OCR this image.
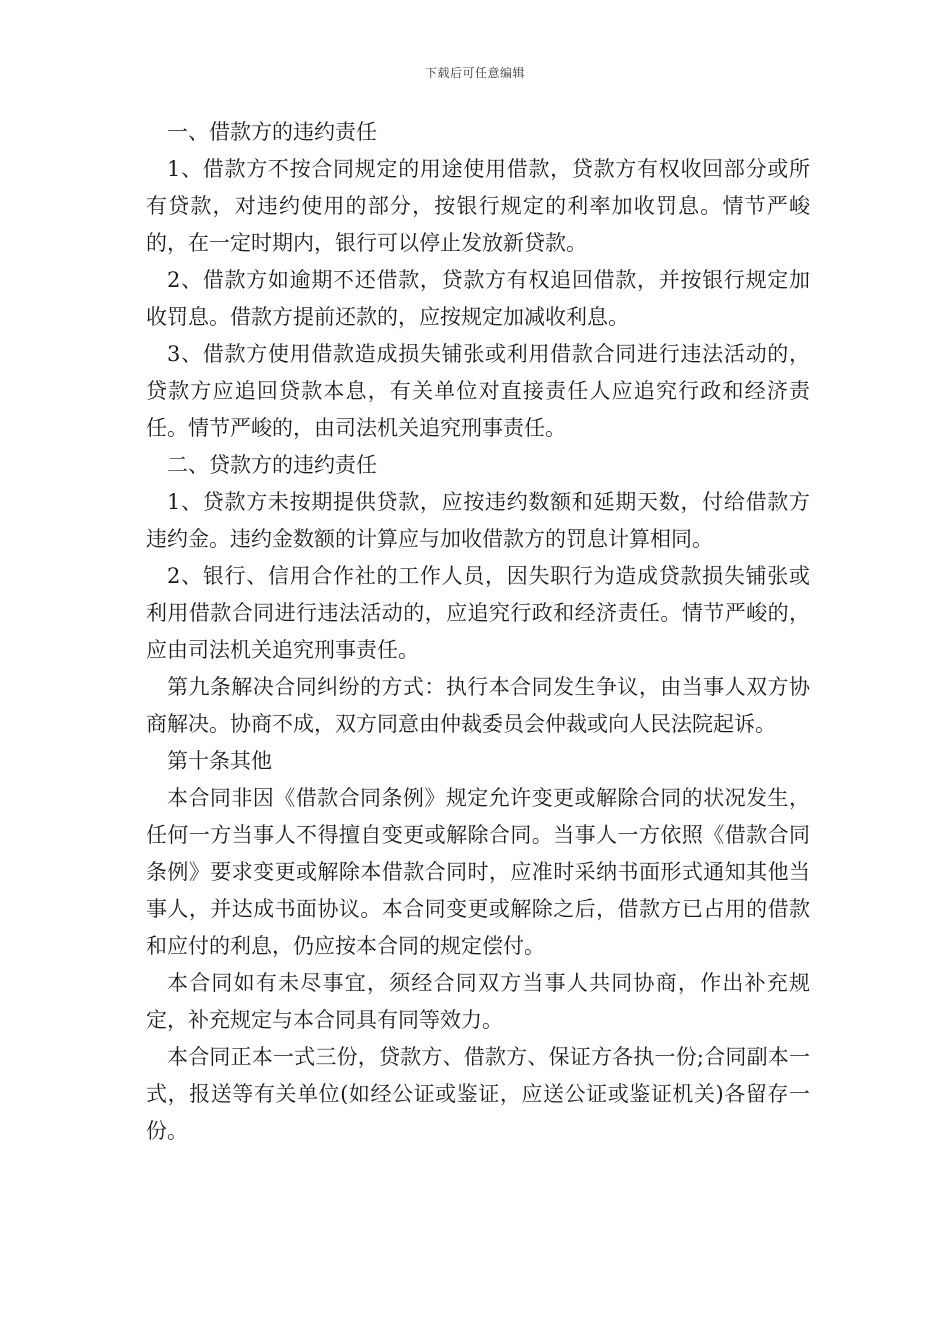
下载后可任意编辑

一、借款方的违约责任

1、借款方不按合同规定的用途使用借款，贷款方有权收回部分或所有贷款，对违约使用的部分，按银行规定的利率加收罚息。情节严峻的，在一定时期内，银行可以停止发放新贷款。

2、借款方如逾期不还借款，贷款方有权追回借款，并按银行规定加收罚息。借款方提前还款的，应按规定加减收利息。

3、借款方使用借款造成损失铺张或利用借款合同进行违法活动的，贷款方应追回贷款本息，有关单位对直接责任人应追究行政和经济责任。情节严峻的，由司法机关追究刑事责任。

二、贷款方的违约责任

1、贷款方未按期提供贷款，应按违约数额和延期天数，付给借款方违约金。违约金数额的计算应与加收借款方的罚息计算相同。

2、银行、信用合作社的工作人员，因失职行为造成贷款损失铺张或利用借款合同进行违法活动的，应追究行政和经济责任。情节严峻的，应由司法机关追究刑事责任。

第九条解决合同纠纷的方式：执行本合同发生争议，由当事人双方协商解决。协商不成，双方同意由仲裁委员会仲裁或向人民法院起诉。

第十条其他

本合同非因《借款合同条例》规定允许变更或解除合同的状况发生，任何一方当事人不得擅自变更或解除合同。当事人一方依照《借款合同条例》要求变更或解除本借款合同时，应准时采纳书面形式通知其他当事人，并达成书面协议。本合同变更或解除之后，借款方已占用的借款和应付的利息，仍应按本合同的规定偿付。

本合同如有未尽事宜，须经合同双方当事人共同协商，作出补充规定，补充规定与本合同具有同等效力。

本合同正本一式三份，贷款方、借款方、保证方各执一份;合同副本一式，报送等有关单位(如经公证或鉴证，应送公证或鉴证机关)各留存一份。
